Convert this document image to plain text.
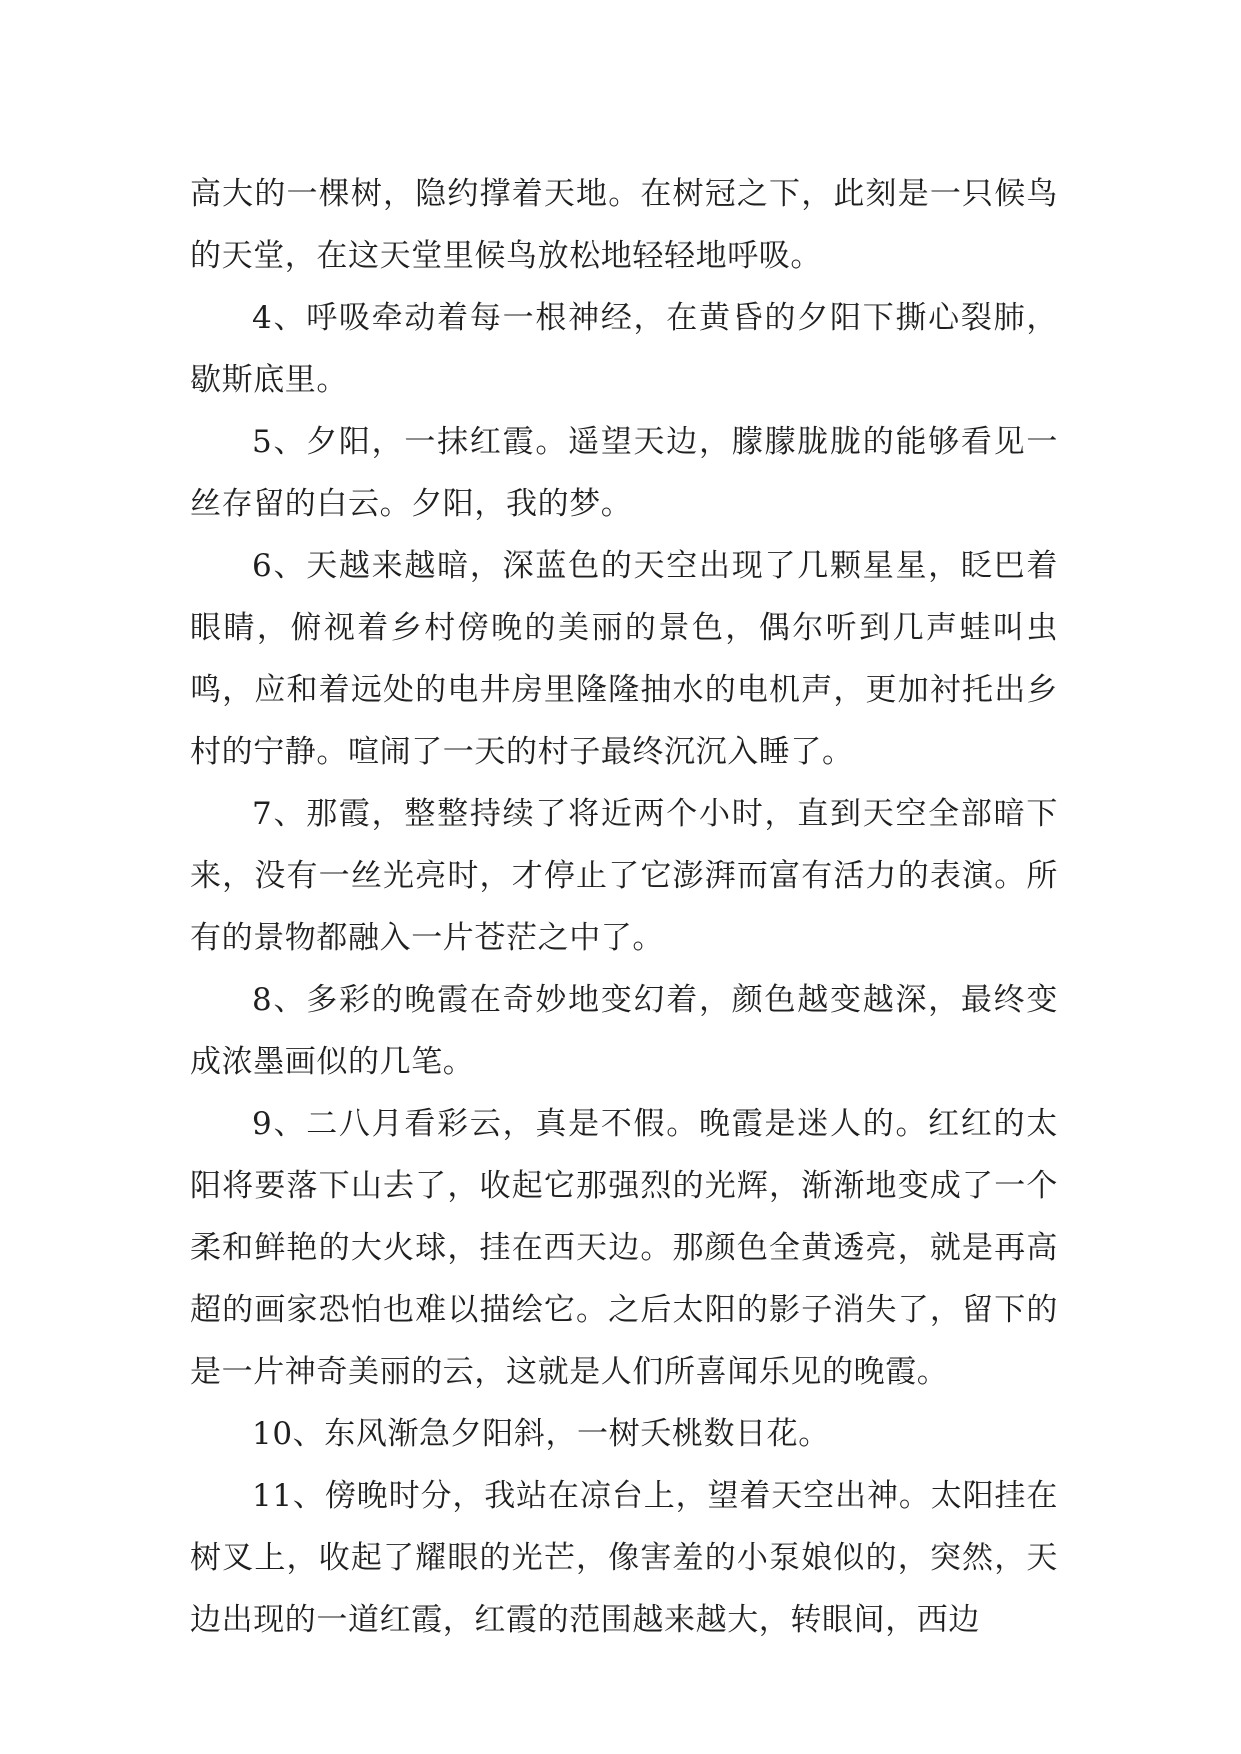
高大的一棵树，隐约撑着天地。在树冠之下，此刻是一只候鸟的天堂，在这天堂里候鸟放松地轻轻地呼吸。

4、呼吸牵动着每一根神经，在黄昏的夕阳下撕心裂肺，歇斯底里。

5、夕阳，一抹红霞。遥望天边，朦朦胧胧的能够看见一丝存留的白云。夕阳，我的梦。

6、天越来越暗，深蓝色的天空出现了几颗星星，眨巴着眼睛，俯视着乡村傍晚的美丽的景色，偶尔听到几声蛙叫虫鸣，应和着远处的电井房里隆隆抽水的电机声，更加衬托出乡村的宁静。喧闹了一天的村子最终沉沉入睡了。

7、那霞，整整持续了将近两个小时，直到天空全部暗下来，没有一丝光亮时，才停止了它澎湃而富有活力的表演。所有的景物都融入一片苍茫之中了。

8、多彩的晚霞在奇妙地变幻着，颜色越变越深，最终变成浓墨画似的几笔。

9、二八月看彩云，真是不假。晚霞是迷人的。红红的太阳将要落下山去了，收起它那强烈的光辉，渐渐地变成了一个柔和鲜艳的大火球，挂在西天边。那颜色全黄透亮，就是再高超的画家恐怕也难以描绘它。之后太阳的影子消失了，留下的是一片神奇美丽的云，这就是人们所喜闻乐见的晚霞。

10、东风渐急夕阳斜，一树夭桃数日花。

11、傍晚时分，我站在凉台上，望着天空出神。太阳挂在树叉上，收起了耀眼的光芒，像害羞的小泵娘似的，突然，天边出现的一道红霞，红霞的范围越来越大，转眼间，西边
